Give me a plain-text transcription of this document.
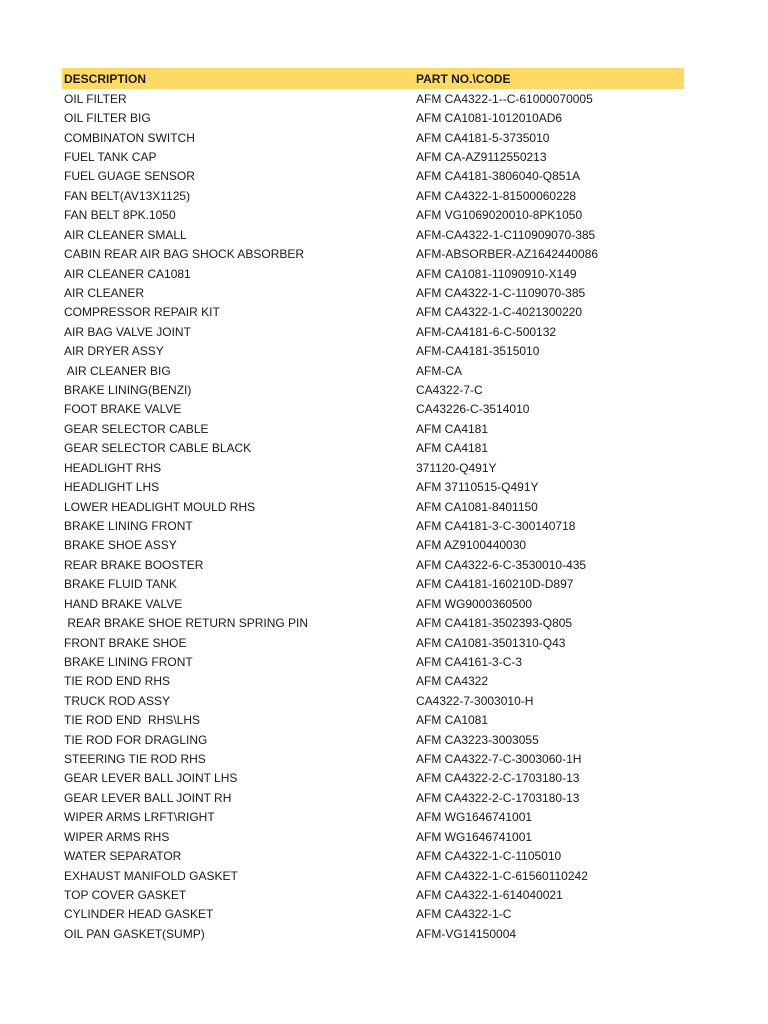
DESCRIPTION	PART NO.\CODE
OIL FILTER	AFM CA4322-1--C-61000070005
OIL FILTER BIG	AFM CA1081-1012010AD6
COMBINATON SWITCH	AFM CA4181-5-3735010
FUEL TANK CAP	AFM CA-AZ9112550213
FUEL GUAGE SENSOR	AFM CA4181-3806040-Q851A
FAN BELT(AV13X1125)	AFM CA4322-1-81500060228
FAN BELT 8PK.1050	AFM VG1069020010-8PK1050
AIR CLEANER SMALL	AFM-CA4322-1-C110909070-385
CABIN REAR AIR BAG SHOCK ABSORBER	AFM-ABSORBER-AZ1642440086
AIR CLEANER CA1081	AFM CA1081-11090910-X149
AIR CLEANER	AFM CA4322-1-C-1109070-385
COMPRESSOR REPAIR KIT	AFM CA4322-1-C-4021300220
AIR BAG VALVE JOINT	AFM-CA4181-6-C-500132
AIR DRYER ASSY	AFM-CA4181-3515010
AIR CLEANER BIG	AFM-CA
BRAKE LINING(BENZI)	CA4322-7-C
FOOT BRAKE VALVE	CA43226-C-3514010
GEAR SELECTOR CABLE	AFM CA4181
GEAR SELECTOR CABLE BLACK	AFM CA4181
HEADLIGHT RHS	371120-Q491Y
HEADLIGHT LHS	AFM 37110515-Q491Y
LOWER HEADLIGHT MOULD RHS	AFM CA1081-8401150
BRAKE LINING FRONT	AFM CA4181-3-C-300140718
BRAKE SHOE ASSY	AFM AZ9100440030
REAR BRAKE BOOSTER	AFM CA4322-6-C-3530010-435
BRAKE FLUID TANK	AFM CA4181-160210D-D897
HAND BRAKE VALVE	AFM WG9000360500
REAR BRAKE SHOE RETURN SPRING PIN	AFM CA4181-3502393-Q805
FRONT BRAKE SHOE	AFM CA1081-3501310-Q43
BRAKE LINING FRONT	AFM CA4161-3-C-3
TIE ROD END RHS	AFM CA4322
TRUCK ROD ASSY	CA4322-7-3003010-H
TIE ROD END  RHS\LHS	AFM CA1081
TIE ROD FOR DRAGLING	AFM CA3223-3003055
STEERING TIE ROD RHS	AFM CA4322-7-C-3003060-1H
GEAR LEVER BALL JOINT LHS	AFM CA4322-2-C-1703180-13
GEAR LEVER BALL JOINT RH	AFM CA4322-2-C-1703180-13
WIPER ARMS LRFT\RIGHT	AFM WG1646741001
WIPER ARMS RHS	AFM WG1646741001
WATER SEPARATOR	AFM CA4322-1-C-1105010
EXHAUST MANIFOLD GASKET	AFM CA4322-1-C-61560110242
TOP COVER GASKET	AFM CA4322-1-614040021
CYLINDER HEAD GASKET	AFM CA4322-1-C
OIL PAN GASKET(SUMP)	AFM-VG14150004
